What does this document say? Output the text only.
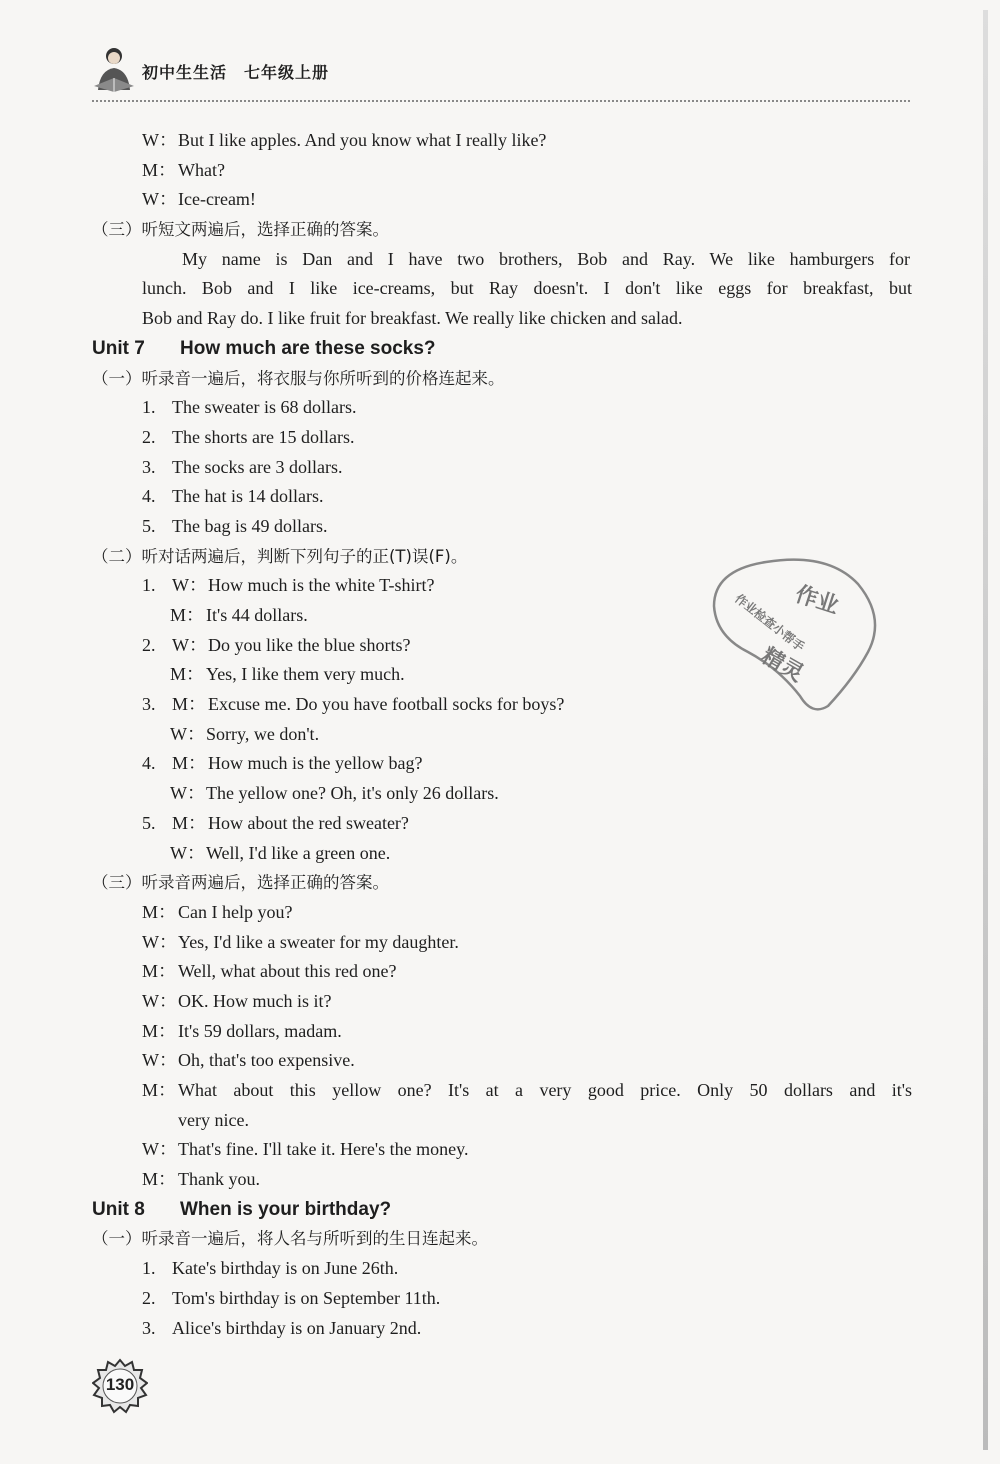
初中生生活　七年级上册
W：But I like apples. And you know what I really like?
M： What?
W：Ice-cream!
（三）听短文两遍后，选择正确的答案。
My name is Dan and I have two brothers, Bob and Ray. We like hamburgers for
lunch. Bob and I like ice-creams, but Ray doesn't. I don't like eggs for breakfast, but
Bob and Ray do. I like fruit for breakfast. We really like chicken and salad.
Unit 7 How much are these socks?
（一）听录音一遍后，将衣服与你所听到的价格连起来。
1. The sweater is 68 dollars.
2. The shorts are 15 dollars.
3. The socks are 3 dollars.
4. The hat is 14 dollars.
5. The bag is 49 dollars.
（二）听对话两遍后，判断下列句子的正(T)误(F)。
1. W：How much is the white T-shirt?
M： It's 44 dollars.
2. W：Do you like the blue shorts?
M： Yes, I like them very much.
3. M： Excuse me. Do you have football socks for boys?
W：Sorry, we don't.
4. M： How much is the yellow bag?
W：The yellow one? Oh, it's only 26 dollars.
5. M： How about the red sweater?
W：Well, I'd like a green one.
（三）听录音两遍后，选择正确的答案。
M： Can I help you?
W：Yes, I'd like a sweater for my daughter.
M： Well, what about this red one?
W：OK. How much is it?
M： It's 59 dollars, madam.
W：Oh, that's too expensive.
M： What about this yellow one? It's at a very good price. Only 50 dollars and it's
very nice.
W：That's fine. I'll take it. Here's the money.
M： Thank you.
Unit 8 When is your birthday?
（一）听录音一遍后，将人名与所听到的生日连起来。
1. Kate's birthday is on June 26th.
2. Tom's birthday is on September 11th.
3. Alice's birthday is on January 2nd.
作业
作业检查小帮手
精灵
130
